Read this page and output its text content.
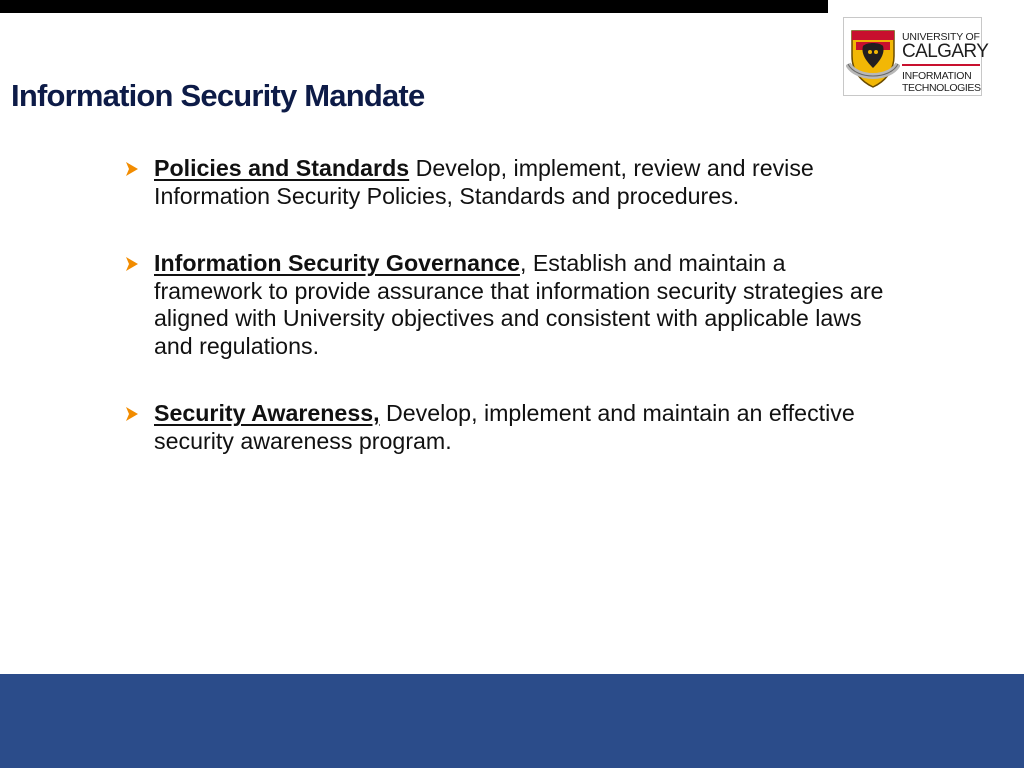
UNIVERSITY OF
CALGARY
INFORMATION
TECHNOLOGIES
Information Security Mandate
Policies and Standards Develop, implement, review and revise Information Security Policies, Standards and procedures.
Information Security Governance, Establish and maintain a framework to provide assurance that information security strategies are aligned with University objectives and consistent with applicable laws and regulations.
Security Awareness, Develop, implement and maintain an effective security awareness program.
